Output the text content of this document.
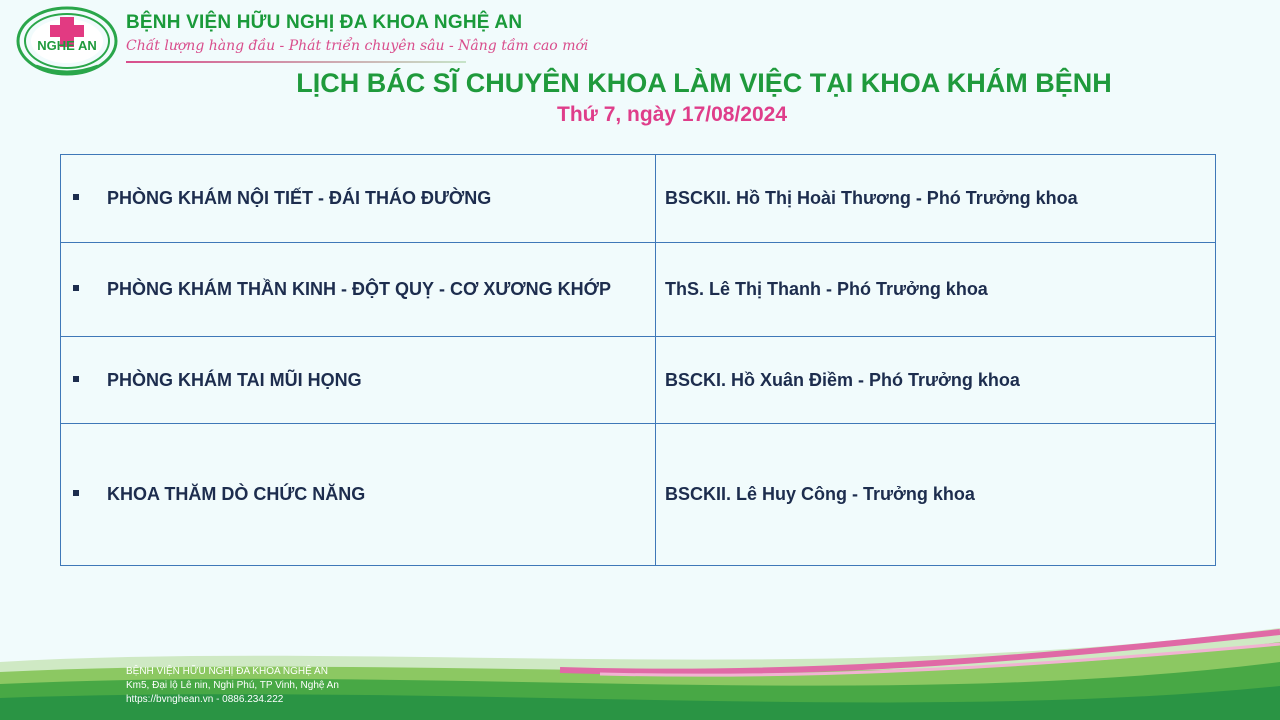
NGHE AN
BỆNH VIỆN HỮU NGHỊ ĐA KHOA NGHỆ AN
Chất lượng hàng đầu - Phát triển chuyên sâu - Nâng tầm cao mới
LỊCH BÁC SĨ CHUYÊN KHOA LÀM VIỆC TẠI KHOA KHÁM BỆNH
Thứ 7, ngày 17/08/2024
PHÒNG KHÁM NỘI TIẾT - ĐÁI THÁO ĐƯỜNG	BSCKII. Hồ Thị Hoài Thương - Phó Trưởng khoa
PHÒNG KHÁM THẦN KINH - ĐỘT QUỴ - CƠ XƯƠNG KHỚP	ThS. Lê Thị Thanh - Phó Trưởng khoa
PHÒNG KHÁM TAI MŨI HỌNG	BSCKI. Hồ Xuân Điềm - Phó Trưởng khoa
KHOA THĂM DÒ CHỨC NĂNG	BSCKII. Lê Huy Công - Trưởng khoa
BỆNH VIỆN HỮU NGHỊ ĐA KHOA NGHỆ AN
Km5, Đại lộ Lê nin, Nghi Phú, TP Vinh, Nghệ An
https://bvnghean.vn - 0886.234.222
